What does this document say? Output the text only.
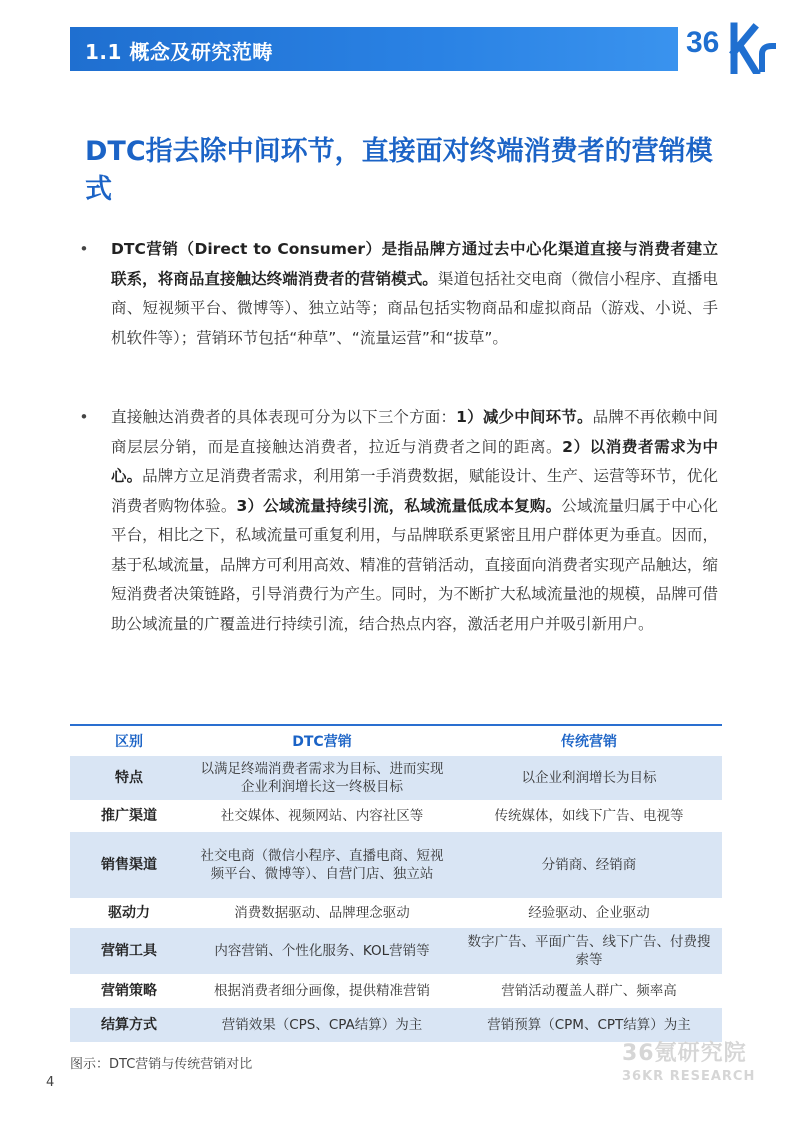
1.1 概念及研究范畴	36
DTC指去除中间环节，直接面对终端消费者的营销模式
• DTC营销（Direct to Consumer）是指品牌方通过去中心化渠道直接与消费者建立联系，将商品直接触达终端消费者的营销模式。渠道包括社交电商（微信小程序、直播电商、短视频平台、微博等）、独立站等；商品包括实物商品和虚拟商品（游戏、小说、手机软件等）；营销环节包括“种草”、“流量运营”和“拔草”。
• 直接触达消费者的具体表现可分为以下三个方面：1）减少中间环节。品牌不再依赖中间商层层分销，而是直接触达消费者，拉近与消费者之间的距离。2）以消费者需求为中心。品牌方立足消费者需求，利用第一手消费数据，赋能设计、生产、运营等环节，优化消费者购物体验。3）公域流量持续引流，私域流量低成本复购。公域流量归属于中心化平台，相比之下，私域流量可重复利用，与品牌联系更紧密且用户群体更为垂直。因而，基于私域流量，品牌方可利用高效、精准的营销活动，直接面向消费者实现产品触达，缩短消费者决策链路，引导消费行为产生。同时，为不断扩大私域流量池的规模，品牌可借助公域流量的广覆盖进行持续引流，结合热点内容，激活老用户并吸引新用户。
区别	DTC营销	传统营销
特点	以满足终端消费者需求为目标、进而实现企业利润增长这一终极目标	以企业利润增长为目标
推广渠道	社交媒体、视频网站、内容社区等	传统媒体，如线下广告、电视等
销售渠道	社交电商（微信小程序、直播电商、短视频平台、微博等）、自营门店、独立站	分销商、经销商
驱动力	消费数据驱动、品牌理念驱动	经验驱动、企业驱动
营销工具	内容营销、个性化服务、KOL营销等	数字广告、平面广告、线下广告、付费搜索等
营销策略	根据消费者细分画像，提供精准营销	营销活动覆盖人群广、频率高
结算方式	营销效果（CPS、CPA结算）为主	营销预算（CPM、CPT结算）为主
图示：DTC营销与传统营销对比
4
36氪研究院
36KR RESEARCH
